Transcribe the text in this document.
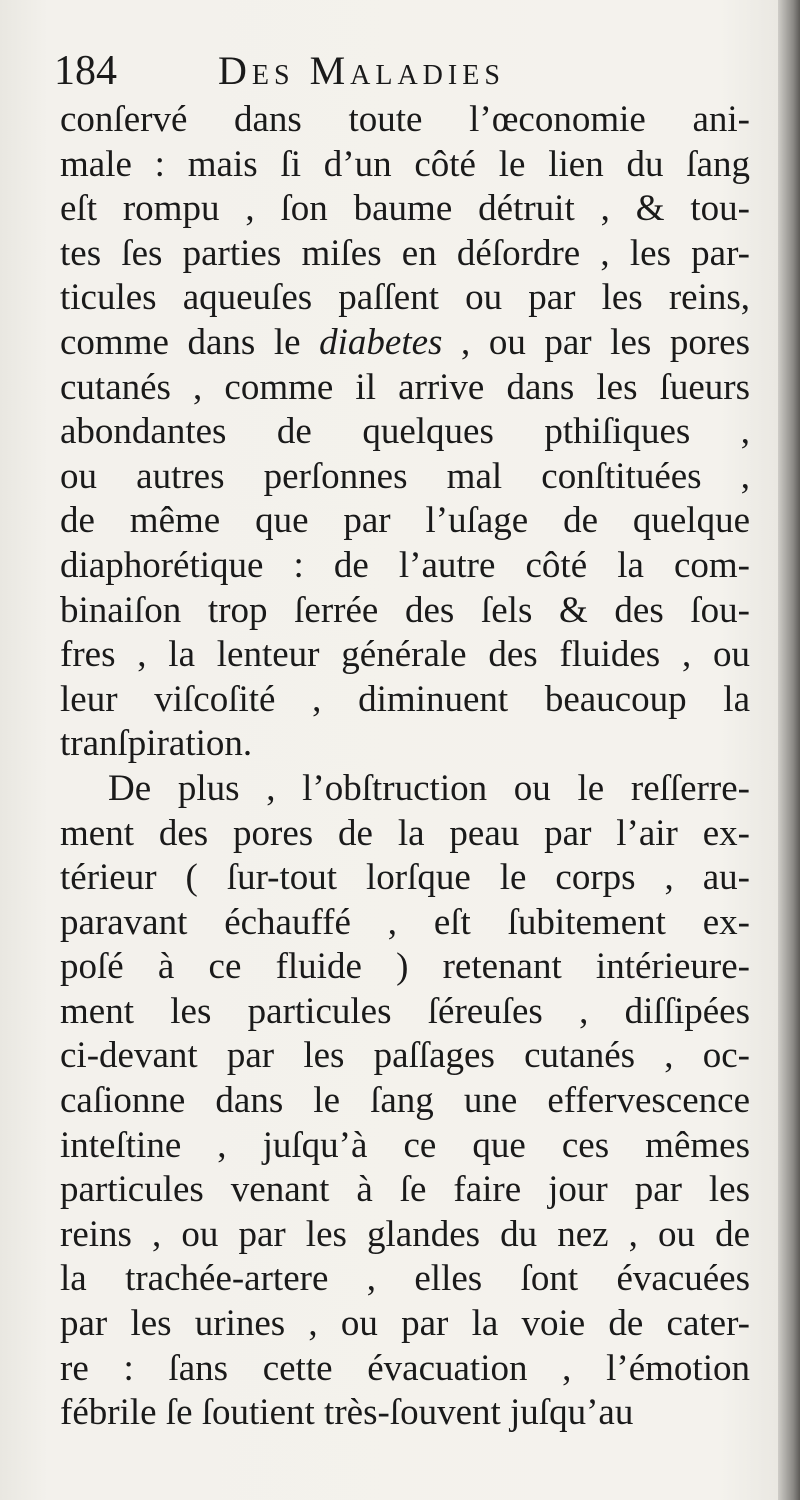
184	Des Maladies
conſervé dans toute l’œconomie ani-
male : mais ſi d’un côté le lien du ſang
eſt rompu , ſon baume détruit , & tou-
tes ſes parties miſes en déſordre , les par-
ticules aqueuſes paſſent ou par les reins,
comme dans le diabetes , ou par les pores
cutanés , comme il arrive dans les ſueurs
abondantes de quelques pthiſiques ,
ou autres perſonnes mal conſtituées ,
de même que par l’uſage de quelque
diaphorétique : de l’autre côté la com-
binaiſon trop ſerrée des ſels & des ſou-
fres , la lenteur générale des fluides , ou
leur viſcoſité , diminuent beaucoup la
tranſpiration.
De plus , l’obſtruction ou le reſſerre-
ment des pores de la peau par l’air ex-
térieur ( ſur-tout lorſque le corps , au-
paravant échauffé , eſt ſubitement ex-
poſé à ce fluide ) retenant intérieure-
ment les particules ſéreuſes , diſſipées
ci-devant par les paſſages cutanés , oc-
caſionne dans le ſang une effervescence
inteſtine , juſqu’à ce que ces mêmes
particules venant à ſe faire jour par les
reins , ou par les glandes du nez , ou de
la trachée-artere , elles ſont évacuées
par les urines , ou par la voie de cater-
re : ſans cette évacuation , l’émotion
fébrile ſe ſoutient très-ſouvent juſqu’au
